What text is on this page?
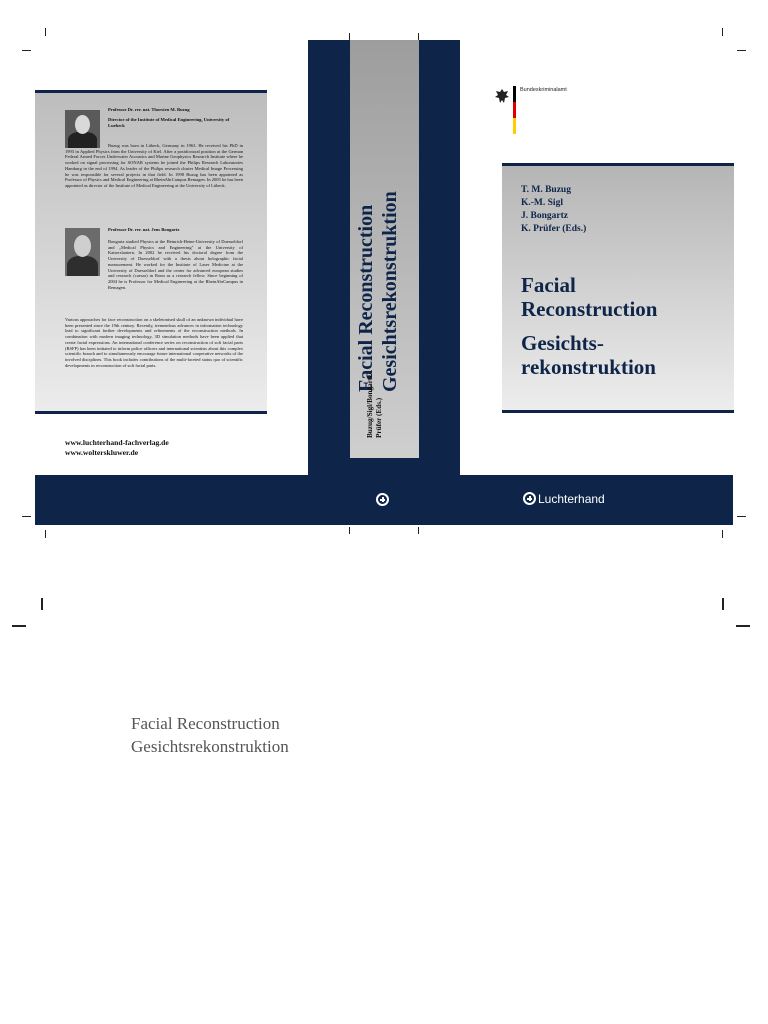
Professor Dr. rer. nat. Thorsten M. Buzug
Director of the Institute of Medical Engineering, University of Luebeck
Buzug was born in Lübeck, Germany in 1963. He received his PhD in 1993 in Applied Physics from the University of Kiel. After a postdoctoral position at the German Federal Armed Forces Underwater Acoustics and Marine Geophysics Research Institute where he worked on signal processing for SONAR systems he joined the Philips Research Laboratories Hamburg in the end of 1994. As leader of the Philips research cluster Medical Image Processing he was responsible for several projects in that field. In 1998 Buzug has been appointed as Professor of Physics and Medical Engineering at RheinAhrCampus Remagen. In 2005 he has been appointed as director of the Institute of Medical Engineering at the University of Lübeck.
Professor Dr. rer. nat. Jens Bongartz
Bongartz studied Physics at the Heinrich-Heine-University of Duesseldorf and „Medical Physics and Engineering" at the University of Kaiserslautern. In 2002 he received his doctoral degree from the University of Duesseldorf with a thesis about holographic facial measurement. He worked for the Institute of Laser Medicine at the University of Duesseldorf and the center for advanced european studies and research (caesar) in Bonn as a research fellow. Since beginning of 2004 he is Professor for Medical Engineering at the RheinAhrCampus in Remagen.
Various approaches for face reconstruction on a skeletonised skull of an unknown individual have been presented since the 19th century. Recently, tremendous advances in information technology lead to significant further developments and refinements of the reconstruction methods. In combination with modern imaging technology, 3D simulation methods have been applied that create facial expressions. An international conference series on reconstruction of soft facial parts (RSFP) has been initiated to inform police officers and international scientists about this complex scientific branch and to simultaneously encourage future international cooperative networks of the involved disciplines. This book includes contributions of the multi-faceted status quo of scientific developments in reconstruction of soft facial parts.
www.luchterhand-fachverlag.de
www.wolterskluwer.de
Facial Reconstruction Gesichtsrekonstruktion
Buzug/Sigl/Bongartz/ Prüfer (Eds.)
Luchterhand
Bundeskriminalamt
T. M. Buzug
K.-M. Sigl
J. Bongartz
K. Prüfer (Eds.)
Facial
Reconstruction
Gesichts-
rekonstruktion
Facial Reconstruction
Gesichtsrekonstruktion
